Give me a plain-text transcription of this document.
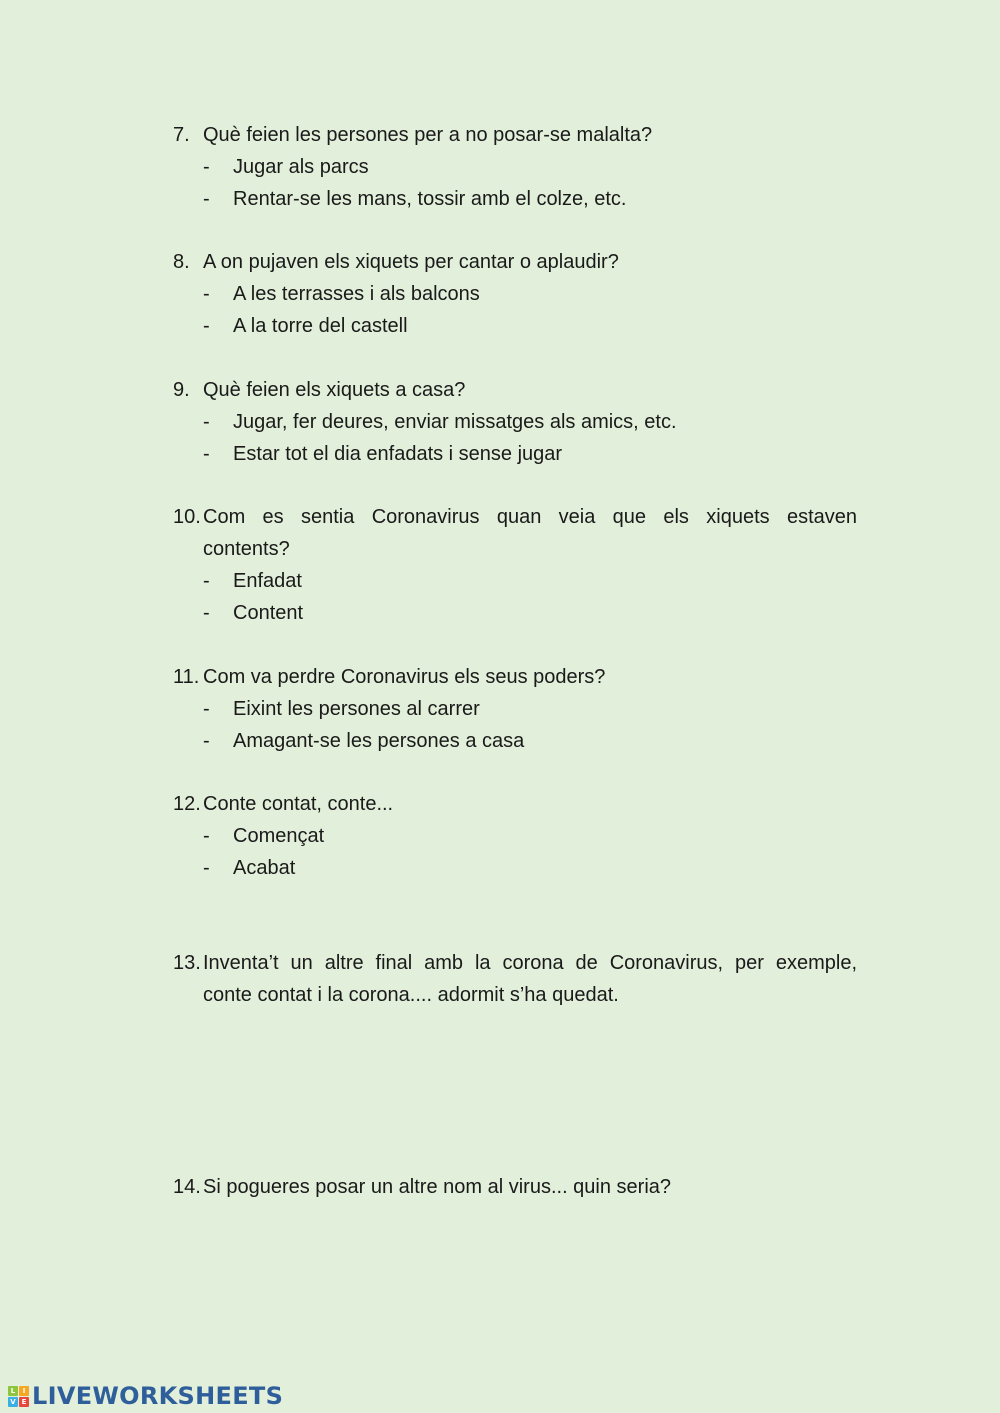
7. Què feien les persones per a no posar-se malalta?
-	Jugar als parcs
-	Rentar-se les mans, tossir amb el colze, etc.
8. A on pujaven els xiquets per cantar o aplaudir?
-	A les terrasses i als balcons
-	A la torre del castell
9. Què feien els xiquets a casa?
-	Jugar, fer deures, enviar missatges als amics, etc.
-	Estar tot el dia enfadats i sense jugar
10. Com es sentia Coronavirus quan veia que els xiquets estaven
contents?
-	Enfadat
-	Content
11. Com va perdre Coronavirus els seus poders?
-	Eixint les persones al carrer
-	Amagant-se les persones a casa
12. Conte contat, conte...
-	Començat
-	Acabat
13. Inventa’t un altre final amb la corona de Coronavirus, per exemple,
conte contat i la corona.... adormit s’ha quedat.
14. Si pogueres posar un altre nom al virus... quin seria?
L	I
V E LIVEWORKSHEETS
